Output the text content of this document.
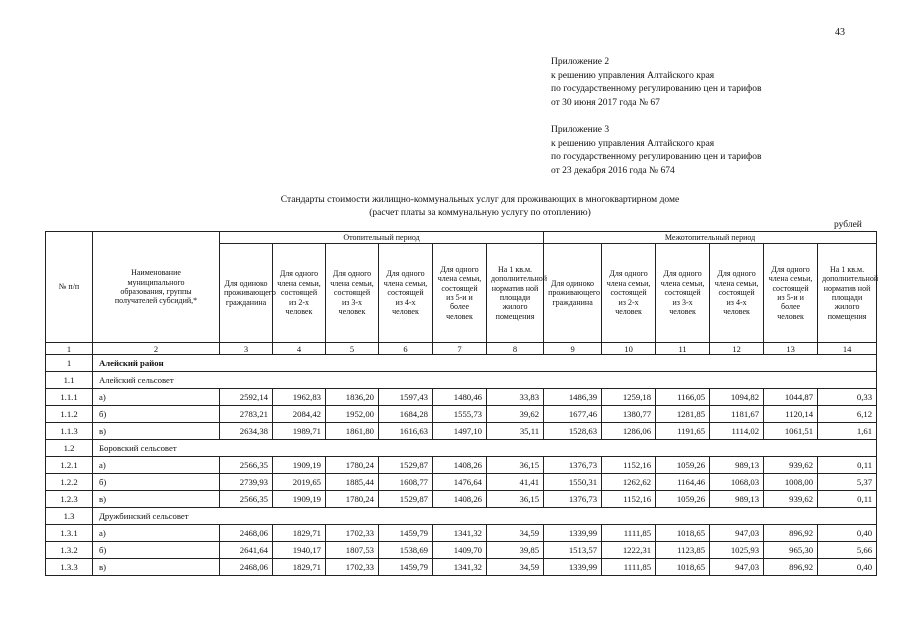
43
Приложение 2
к решению управления Алтайского края
по государственному регулированию цен и тарифов
от 30 июня 2017 года № 67
Приложение 3
к решению управления Алтайского края
по государственному регулированию цен и тарифов
от 23 декабря 2016 года № 674
Стандарты стоимости жилищно-коммунальных услуг для проживающих в многоквартирном доме
(расчет платы за коммунальную услугу по отоплению)
рублей
№ п/п	Наименование муниципального образования, группы получателей субсидий,*	Отопительный период						Межотопительный период					
		Для одиноко проживающего гражданина	Для одного члена семьи, состоящей из 2-х человек	Для одного члена семьи, состоящей из 3-х человек	Для одного члена семьи, состоящей из 4-х человек	Для одного члена семьи, состоящей из 5-и и более человек	На 1 кв.м. дополнительной норматив ной площади жилого помещения	Для одиноко проживающего гражданина	Для одного члена семьи, состоящей из 2-х человек	Для одного члена семьи, состоящей из 3-х человек	Для одного члена семьи, состоящей из 4-х человек	Для одного члена семьи, состоящей из 5-и и более человек	На 1 кв.м. дополнительной норматив ной площади жилого помещения
1	2	3	4	5	6	7	8	9	10	11	12	13	14
1	Алейский район												
1.1	Алейский сельсовет												
1.1.1	а)	2592,14	1962,83	1836,20	1597,43	1480,46	33,83	1486,39	1259,18	1166,05	1094,82	1044,87	0,33
1.1.2	б)	2783,21	2084,42	1952,00	1684,28	1555,73	39,62	1677,46	1380,77	1281,85	1181,67	1120,14	6,12
1.1.3	в)	2634,38	1989,71	1861,80	1616,63	1497,10	35,11	1528,63	1286,06	1191,65	1114,02	1061,51	1,61
1.2	Боровский сельсовет												
1.2.1	а)	2566,35	1909,19	1780,24	1529,87	1408,26	36,15	1376,73	1152,16	1059,26	989,13	939,62	0,11
1.2.2	б)	2739,93	2019,65	1885,44	1608,77	1476,64	41,41	1550,31	1262,62	1164,46	1068,03	1008,00	5,37
1.2.3	в)	2566,35	1909,19	1780,24	1529,87	1408,26	36,15	1376,73	1152,16	1059,26	989,13	939,62	0,11
1.3	Дружбинский сельсовет												
1.3.1	а)	2468,06	1829,71	1702,33	1459,79	1341,32	34,59	1339,99	1111,85	1018,65	947,03	896,92	0,40
1.3.2	б)	2641,64	1940,17	1807,53	1538,69	1409,70	39,85	1513,57	1222,31	1123,85	1025,93	965,30	5,66
1.3.3	в)	2468,06	1829,71	1702,33	1459,79	1341,32	34,59	1339,99	1111,85	1018,65	947,03	896,92	0,40
